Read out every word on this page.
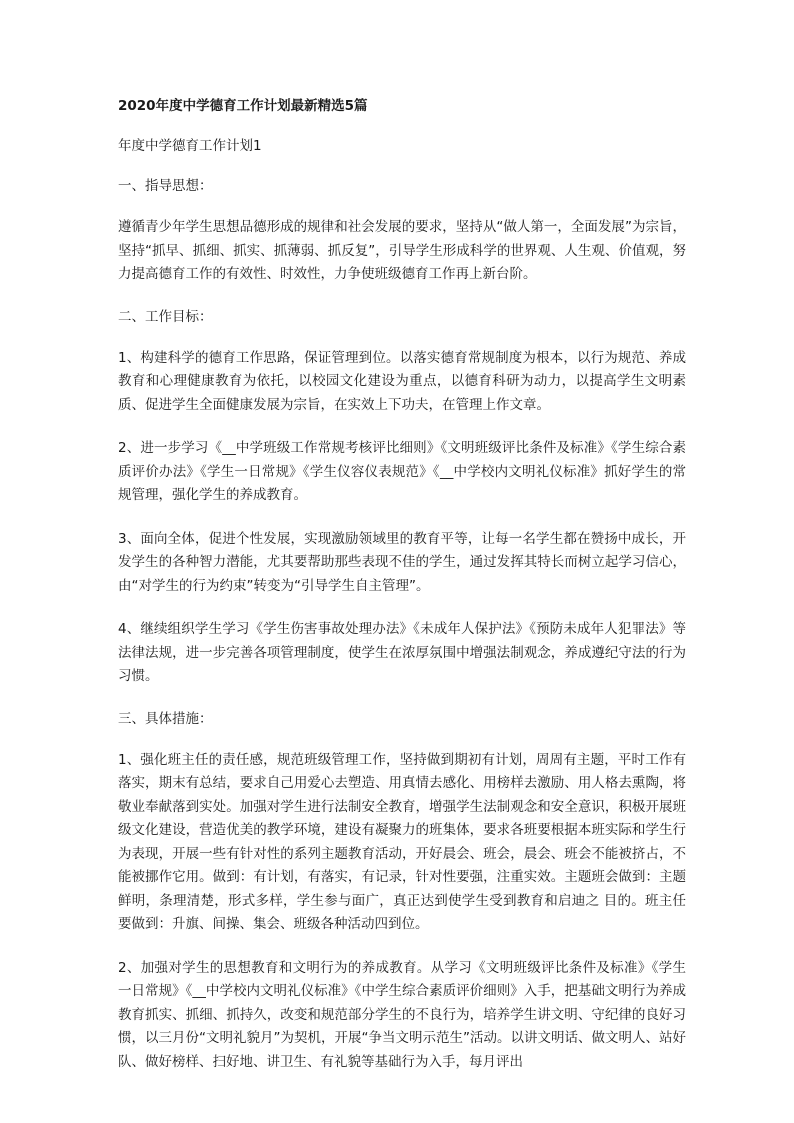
2020年度中学德育工作计划最新精选5篇
年度中学德育工作计划1
一、指导思想：
遵循青少年学生思想品德形成的规律和社会发展的要求，坚持从“做人第一，全面发展”为宗旨，坚持“抓早、抓细、抓实、抓薄弱、抓反复”，引导学生形成科学的世界观、人生观、价值观，努力提高德育工作的有效性、时效性，力争使班级德育工作再上新台阶。
二、工作目标：
1、构建科学的德育工作思路，保证管理到位。以落实德育常规制度为根本，以行为规范、养成教育和心理健康教育为依托，以校园文化建设为重点，以德育科研为动力，以提高学生文明素质、促进学生全面健康发展为宗旨，在实效上下功夫，在管理上作文章。
2、进一步学习《__中学班级工作常规考核评比细则》《文明班级评比条件及标准》《学生综合素质评价办法》《学生一日常规》《学生仪容仪表规范》《__中学校内文明礼仪标准》抓好学生的常规管理，强化学生的养成教育。
3、面向全体，促进个性发展，实现激励领域里的教育平等，让每一名学生都在赞扬中成长，开发学生的各种智力潜能，尤其要帮助那些表现不佳的学生，通过发挥其特长而树立起学习信心，由“对学生的行为约束”转变为“引导学生自主管理”。
4、继续组织学生学习《学生伤害事故处理办法》《未成年人保护法》《预防未成年人犯罪法》等法律法规，进一步完善各项管理制度，使学生在浓厚氛围中增强法制观念，养成遵纪守法的行为习惯。
三、具体措施：
1、强化班主任的责任感，规范班级管理工作，坚持做到期初有计划，周周有主题，平时工作有落实，期末有总结，要求自己用爱心去塑造、用真情去感化、用榜样去激励、用人格去熏陶，将敬业奉献落到实处。加强对学生进行法制安全教育，增强学生法制观念和安全意识，积极开展班级文化建设，营造优美的教学环境，建设有凝聚力的班集体，要求各班要根据本班实际和学生行为表现，开展一些有针对性的系列主题教育活动，开好晨会、班会，晨会、班会不能被挤占，不能被挪作它用。做到：有计划，有落实，有记录，针对性要强，注重实效。主题班会做到：主题鲜明，条理清楚，形式多样，学生参与面广，真正达到使学生受到教育和启迪之 目的。班主任要做到：升旗、间操、集会、班级各种活动四到位。
2、加强对学生的思想教育和文明行为的养成教育。从学习《文明班级评比条件及标准》《学生一日常规》《__中学校内文明礼仪标准》《中学生综合素质评价细则》入手，把基础文明行为养成教育抓实、抓细、抓持久，改变和规范部分学生的不良行为，培养学生讲文明、守纪律的良好习惯，以三月份“文明礼貌月”为契机，开展“争当文明示范生”活动。以讲文明话、做文明人、站好队、做好榜样、扫好地、讲卫生、有礼貌等基础行为入手，每月评出
